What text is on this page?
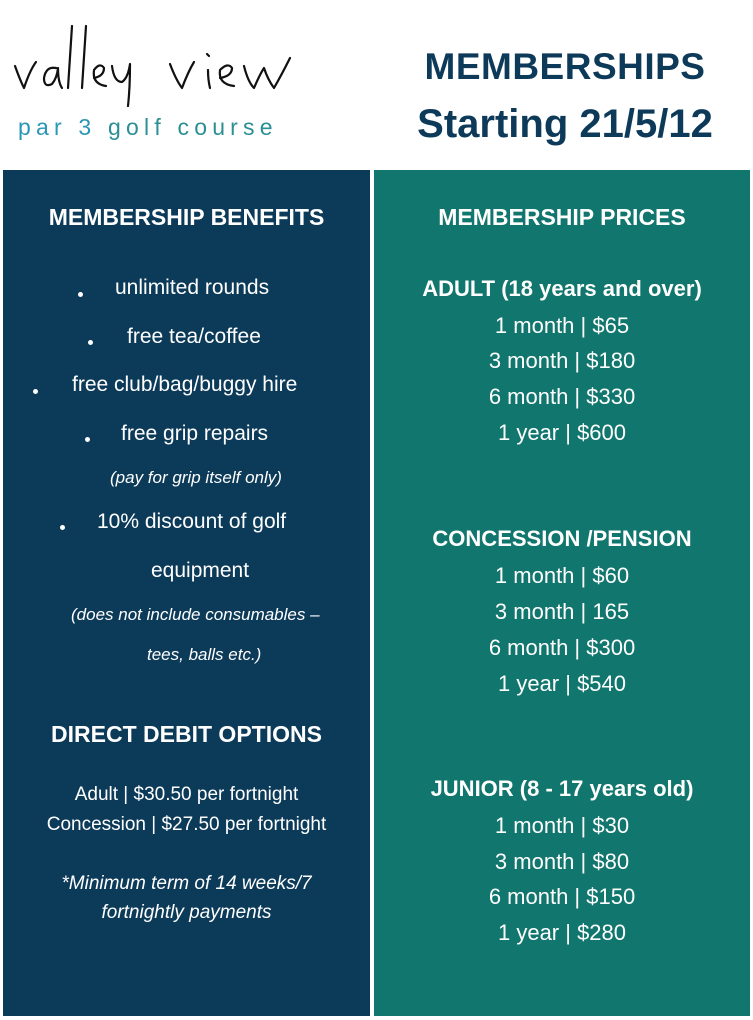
valley view
par 3 golf course
MEMBERSHIPS
Starting 21/5/12
MEMBERSHIP BENEFITS
unlimited rounds
free tea/coffee
free club/bag/buggy hire
free grip repairs
(pay for grip itself only)
10% discount of golf
equipment
(does not include consumables –
tees, balls etc.)
DIRECT DEBIT OPTIONS
Adult | $30.50 per fortnight
Concession | $27.50 per fortnight
*Minimum term of 14 weeks/7
fortnightly payments
MEMBERSHIP PRICES
ADULT (18 years and over)
1 month | $65
3 month | $180
6 month | $330
1 year | $600
CONCESSION /PENSION
1 month | $60
3 month | 165
6 month | $300
1 year | $540
JUNIOR (8 - 17 years old)
1 month | $30
3 month | $80
6 month | $150
1 year | $280
